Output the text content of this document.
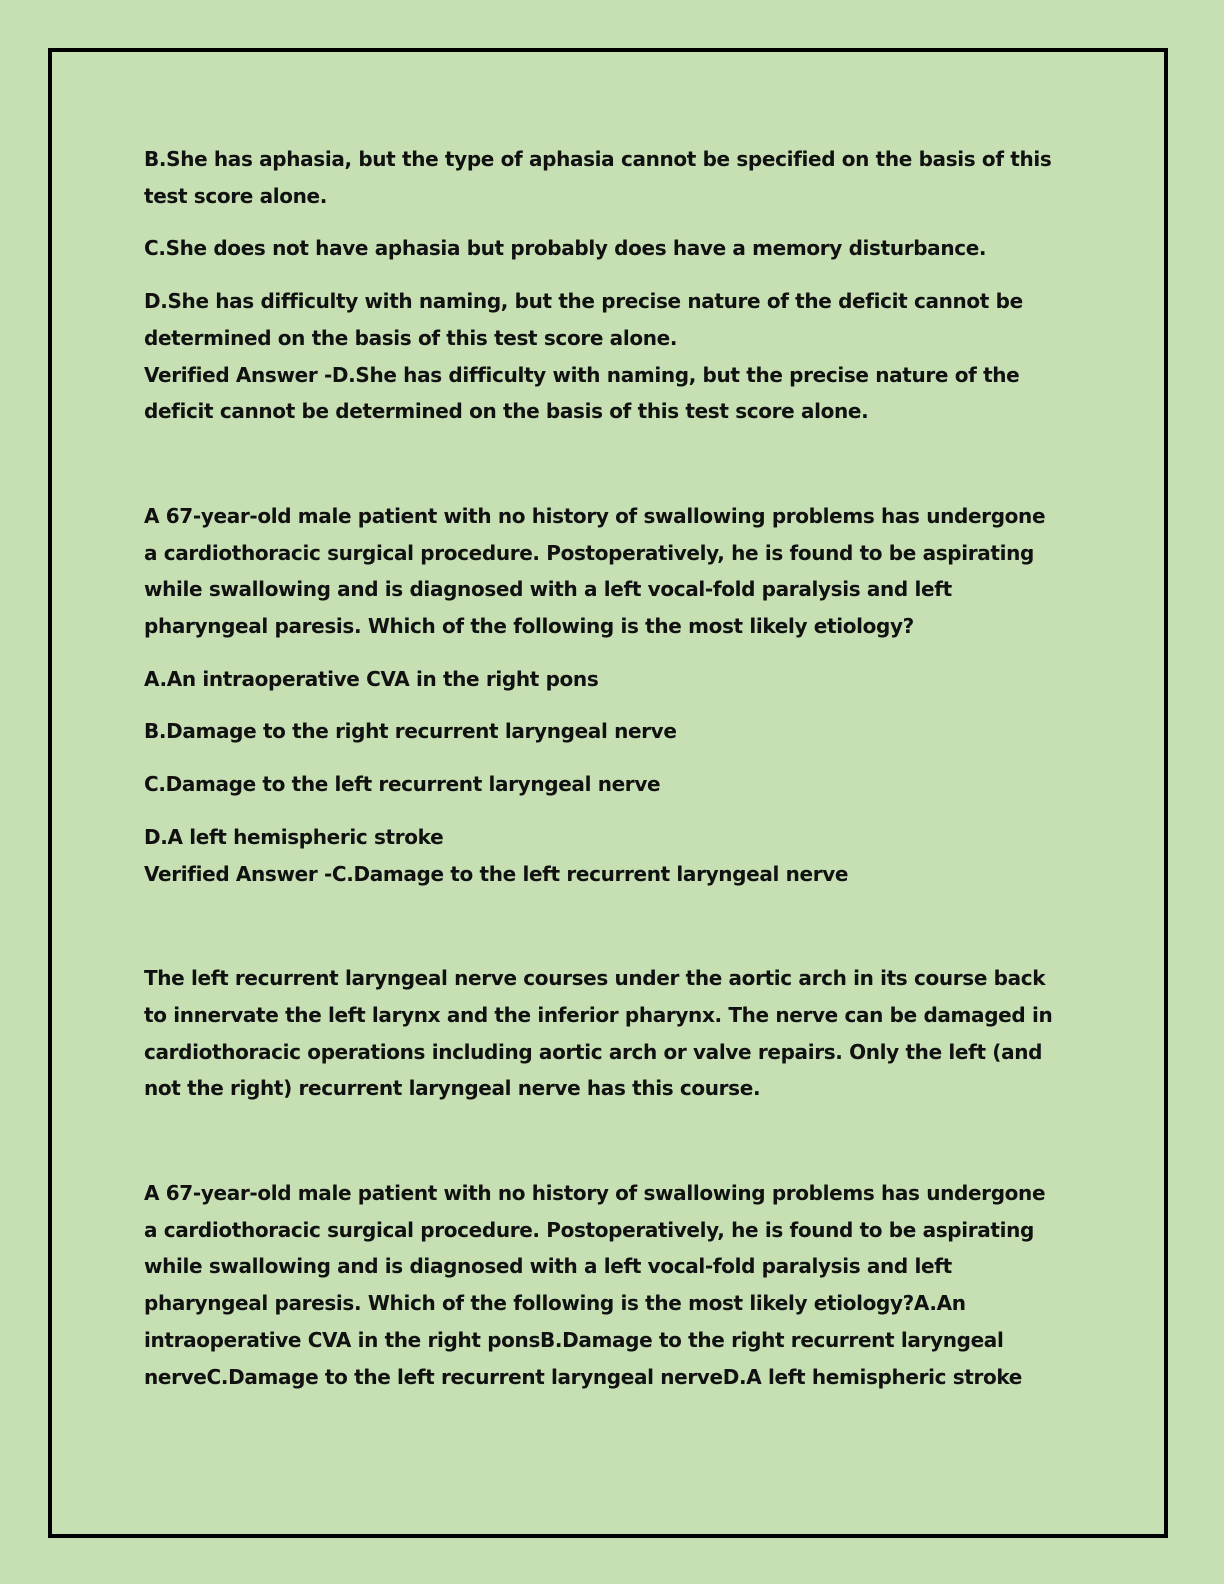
B.She has aphasia, but the type of aphasia cannot be specified on the basis of this
test score alone.
C.She does not have aphasia but probably does have a memory disturbance.
D.She has difficulty with naming, but the precise nature of the deficit cannot be
determined on the basis of this test score alone.
Verified Answer -D.She has difficulty with naming, but the precise nature of the
deficit cannot be determined on the basis of this test score alone.
A 67-year-old male patient with no history of swallowing problems has undergone
a cardiothoracic surgical procedure. Postoperatively, he is found to be aspirating
while swallowing and is diagnosed with a left vocal-fold paralysis and left
pharyngeal paresis. Which of the following is the most likely etiology?
A.An intraoperative CVA in the right pons
B.Damage to the right recurrent laryngeal nerve
C.Damage to the left recurrent laryngeal nerve
D.A left hemispheric stroke
Verified Answer -C.Damage to the left recurrent laryngeal nerve
The left recurrent laryngeal nerve courses under the aortic arch in its course back
to innervate the left larynx and the inferior pharynx. The nerve can be damaged in
cardiothoracic operations including aortic arch or valve repairs. Only the left (and
not the right) recurrent laryngeal nerve has this course.
A 67-year-old male patient with no history of swallowing problems has undergone
a cardiothoracic surgical procedure. Postoperatively, he is found to be aspirating
while swallowing and is diagnosed with a left vocal-fold paralysis and left
pharyngeal paresis. Which of the following is the most likely etiology?A.An
intraoperative CVA in the right ponsB.Damage to the right recurrent laryngeal
nerveC.Damage to the left recurrent laryngeal nerveD.A left hemispheric stroke
